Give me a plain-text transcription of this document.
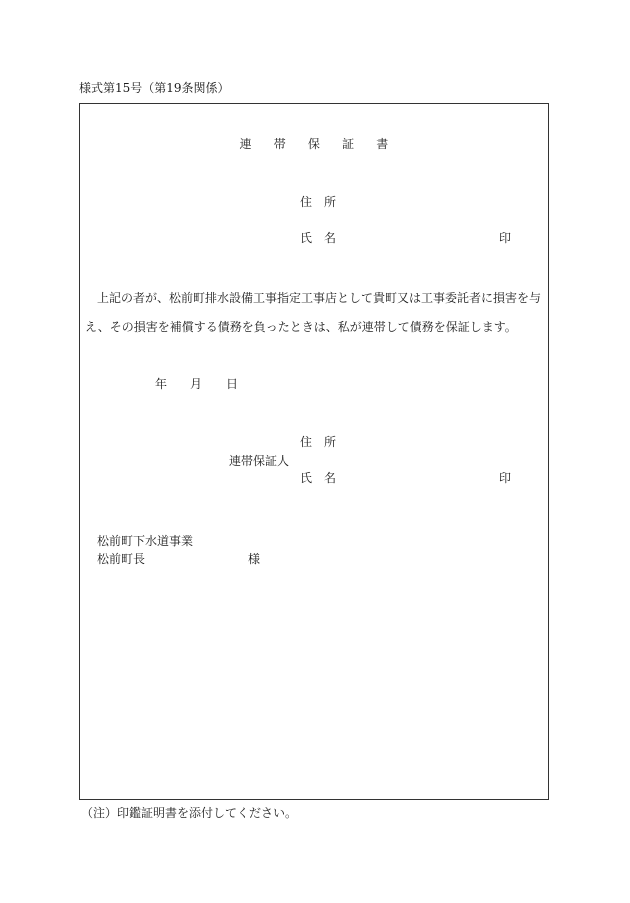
様式第15号（第19条関係）
連 帯 保 証 書
住 所
氏 名	印
上記の者が、松前町排水設備工事指定工事店として貴町又は工事委託者に損害を与
え、その損害を補償する債務を負ったときは、私が連帯して債務を保証します。
年 月 日
住 所
連帯保証人
氏 名	印
松前町下水道事業
松前町長	様
（注）印鑑証明書を添付してください。
